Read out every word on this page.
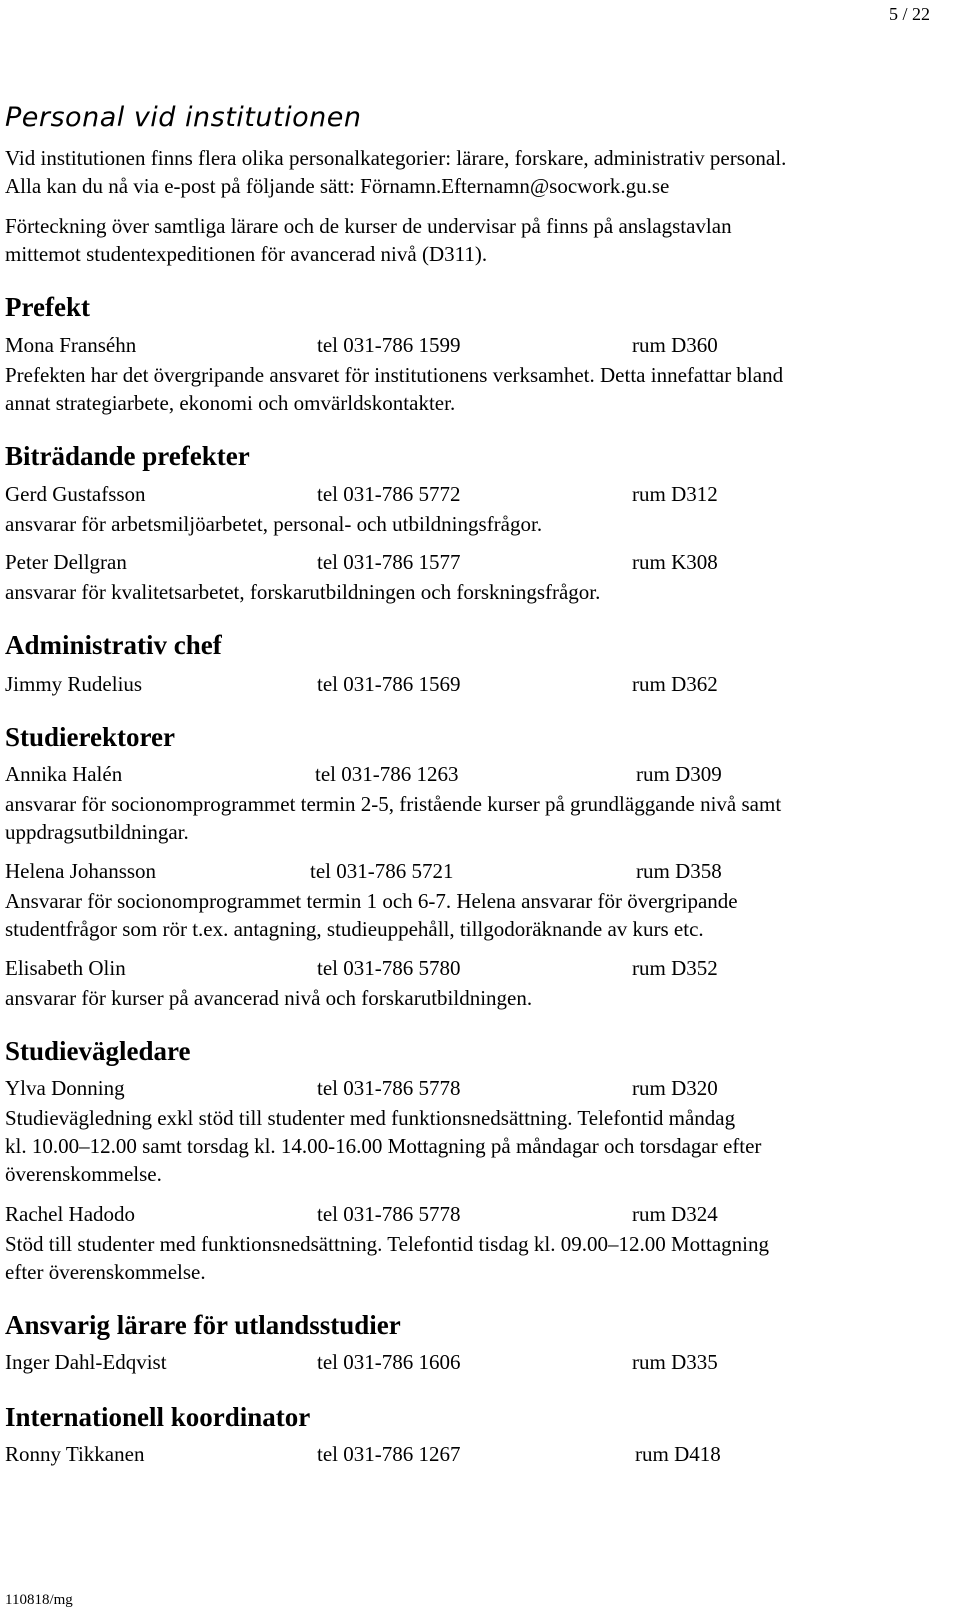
5 / 22
Personal vid institutionen
Vid institutionen finns flera olika personalkategorier: lärare, forskare, administrativ personal.
Alla kan du nå via e-post på följande sätt: Förnamn.Efternamn@socwork.gu.se
Förteckning över samtliga lärare och de kurser de undervisar på finns på anslagstavlan
mittemot studentexpeditionen för avancerad nivå (D311).
Prefekt
Mona Franséhn	tel 031-786 1599	rum D360
Prefekten har det övergripande ansvaret för institutionens verksamhet. Detta innefattar bland
annat strategiarbete, ekonomi och omvärldskontakter.
Biträdande prefekter
Gerd Gustafsson	tel 031-786 5772	rum D312
ansvarar för arbetsmiljöarbetet, personal- och utbildningsfrågor.
Peter Dellgran	tel 031-786 1577	rum K308
ansvarar för kvalitetsarbetet, forskarutbildningen och forskningsfrågor.
Administrativ chef
Jimmy Rudelius	tel 031-786 1569	rum D362
Studierektorer
Annika Halén	tel 031-786 1263	rum D309
ansvarar för socionomprogrammet termin 2-5, fristående kurser på grundläggande nivå samt
uppdragsutbildningar.
Helena Johansson	tel 031-786 5721	rum D358
Ansvarar för socionomprogrammet termin 1 och 6-7. Helena ansvarar för övergripande
studentfrågor som rör t.ex. antagning, studieuppehåll, tillgodoräknande av kurs etc.
Elisabeth Olin	tel 031-786 5780	rum D352
ansvarar för kurser på avancerad nivå och forskarutbildningen.
Studievägledare
Ylva Donning	tel 031-786 5778	rum D320
Studievägledning exkl stöd till studenter med funktionsnedsättning. Telefontid måndag
kl. 10.00–12.00 samt torsdag kl. 14.00-16.00 Mottagning på måndagar och torsdagar efter
överenskommelse.
Rachel Hadodo	tel 031-786 5778	rum D324
Stöd till studenter med funktionsnedsättning. Telefontid tisdag kl. 09.00–12.00 Mottagning
efter överenskommelse.
Ansvarig lärare för utlandsstudier
Inger Dahl-Edqvist	tel 031-786 1606	rum D335
Internationell koordinator
Ronny Tikkanen	tel 031-786 1267	rum D418
110818/mg
